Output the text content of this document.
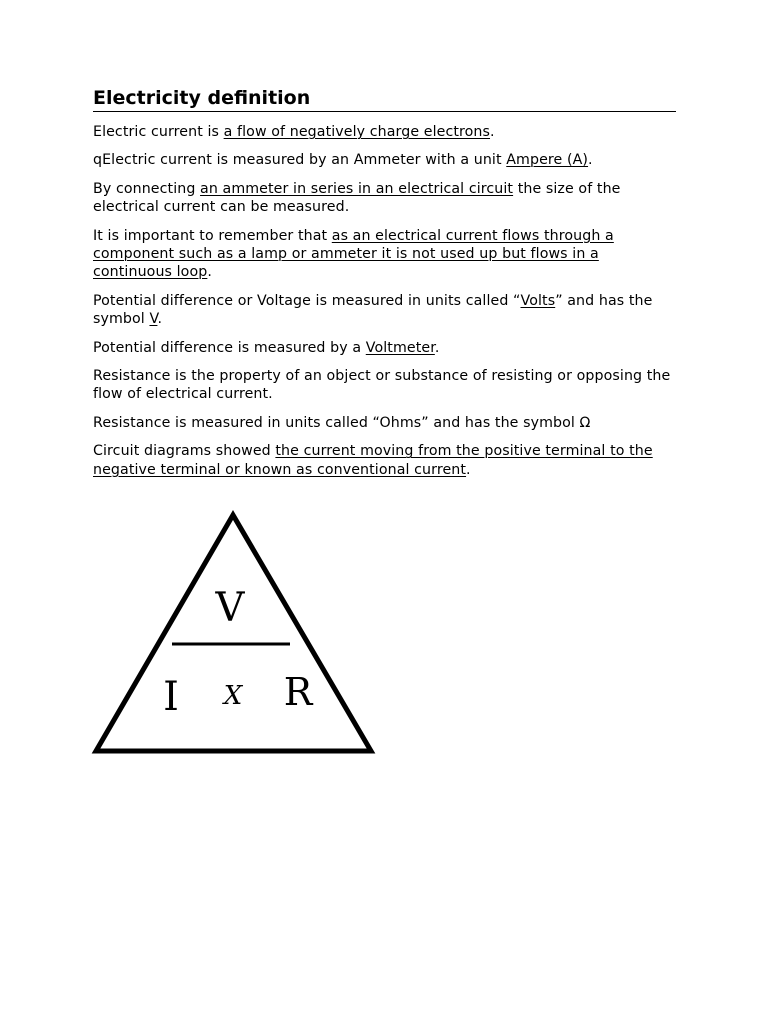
Electricity definition

Electric current is a flow of negatively charge electrons.

qElectric current is measured by an Ammeter with a unit Ampere (A).

By connecting an ammeter in series in an electrical circuit the size of the electrical current can be measured.

It is important to remember that as an electrical current flows through a component such as a lamp or ammeter it is not used up but flows in a continuous loop.

Potential difference or Voltage is measured in units called “Volts” and has the symbol V.

Potential difference is measured by a Voltmeter.

Resistance is the property of an object or substance of resisting or opposing the flow of electrical current.

Resistance is measured in units called “Ohms” and has the symbol Ω

Circuit diagrams showed the current moving from the positive terminal to the negative terminal or known as conventional current.

V
I X R
